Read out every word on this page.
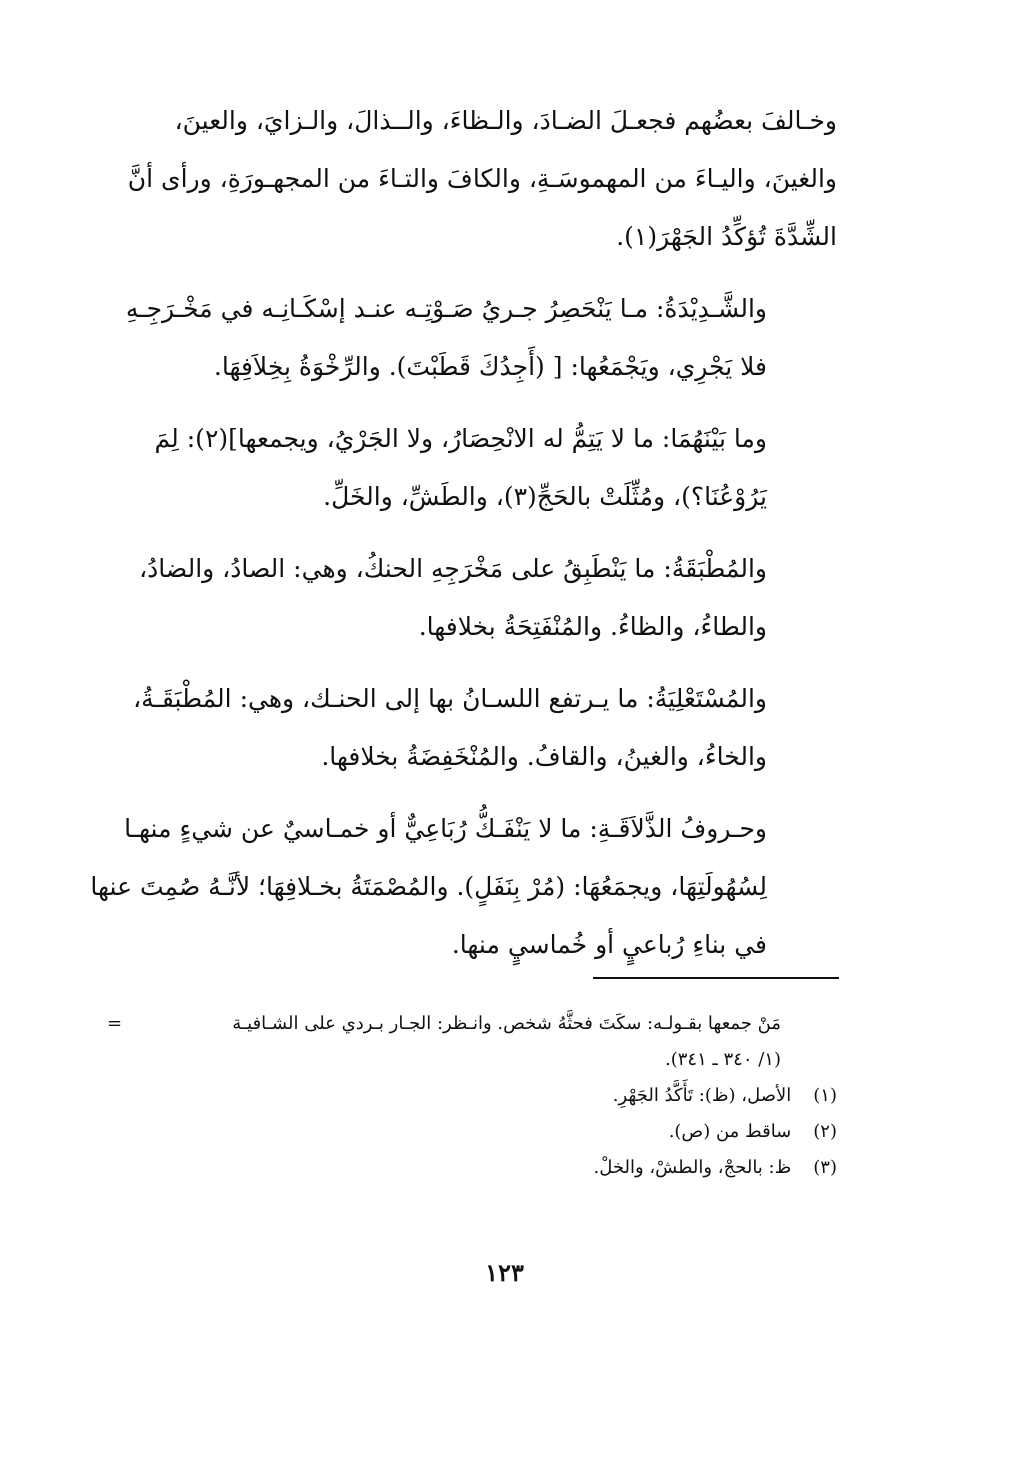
وخـالفَ بعضُهم فجعـلَ الضـادَ، والـظاءَ، والــذالَ، والـزايَ، والعينَ،
والغينَ، واليـاءَ من المهموسَـةِ، والكافَ والتـاءَ من المجهـورَةِ، ورأى أنَّ
الشِّدَّةَ تُؤكِّدُ الجَهْرَ(١).

والشَّـدِيْدَةُ: مـا يَنْحَصِرُ جـريُ صَـوْتِـه عنـد إسْكَـانِـه في مَخْـرَجِـهِ
فلا يَجْرِي، ويَجْمَعُها: [ (أَجِدُكَ قَطَبْتَ). والرِّخْوَةُ بِخِلاَفِهَا.

وما بَيْنَهُمَا: ما لا يَتِمُّ له الانْحِصَارُ، ولا الجَرْيُ، ويجمعها](٢): لِمَ
يَرُوْعُنَا؟)، ومُثِّلَتْ بالحَجِّ(٣)، والطَشِّ، والخَلِّ.

والمُطْبَقَةُ: ما يَنْطَبِقُ على مَخْرَجِهِ الحنكُ، وهي: الصادُ، والضادُ،
والطاءُ، والظاءُ. والمُنْفَتِحَةُ بخلافها.

والمُسْتَعْلِيَةُ: ما يـرتفع اللسـانُ بها إلى الحنـك، وهي: المُطْبَقَـةُ،
والخاءُ، والغينُ، والقافُ. والمُنْخَفِضَةُ بخلافها.

وحـروفُ الذَّلاَقَـةِ: ما لا يَنْفَـكُّ رُبَاعِيٌّ أو خمـاسيٌ عن شيءٍ منهـا
لِسُهُولَتِهَا، ويجمَعُهَا: (مُرْ بِنَفَلٍ). والمُصْمَتَةُ بخـلافِهَا؛ لأنَّـهُ صُمِتَ عنها
في بناءِ رُباعيٍ أو خُماسيٍ منها.

=	مَنْ جمعها بقـولـه: سكَتَ فحثَّهُ شخص. وانـظر: الجـار بـردي على الشـافيـة
(١/ ٣٤٠ ـ ٣٤١).
(١) الأصل، (ظ): تَأَكَّدُ الجَهْرِ.
(٢) ساقط من (ص).
(٣) ظ: بالحجْ، والطشْ، والخلْ.
١٢٣
